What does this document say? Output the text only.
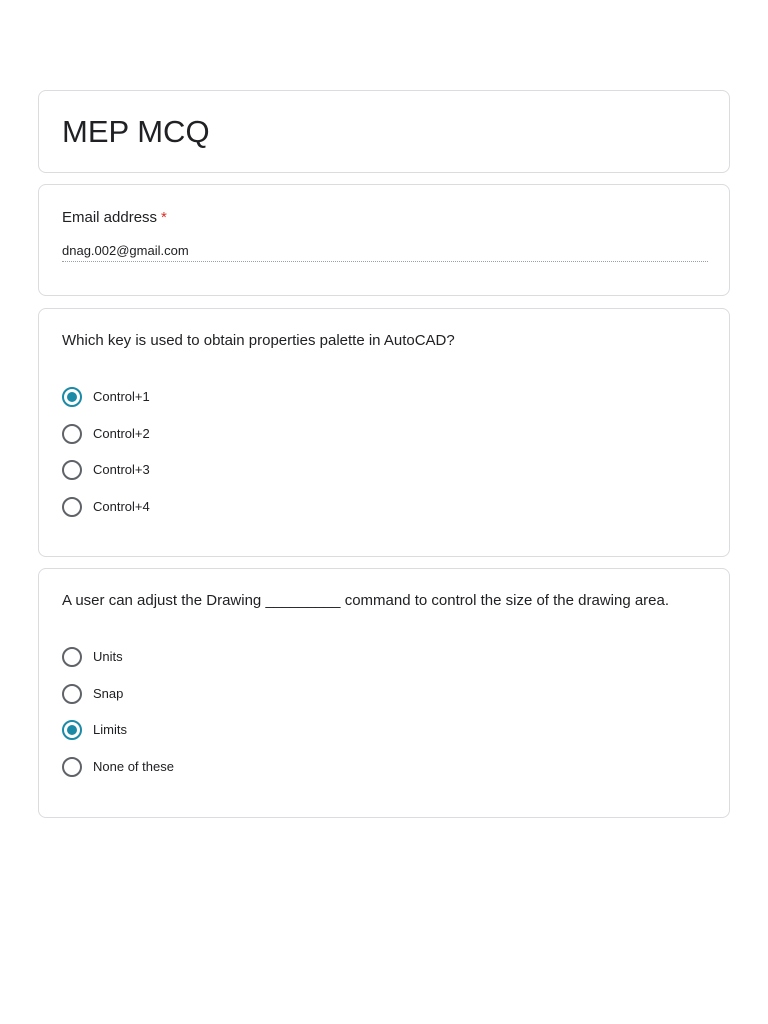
MEP MCQ
Email address *
dnag.002@gmail.com
Which key is used to obtain properties palette in AutoCAD?
Control+1
Control+2
Control+3
Control+4
A user can adjust the Drawing _________ command to control the size of the drawing area.
Units
Snap
Limits
None of these
